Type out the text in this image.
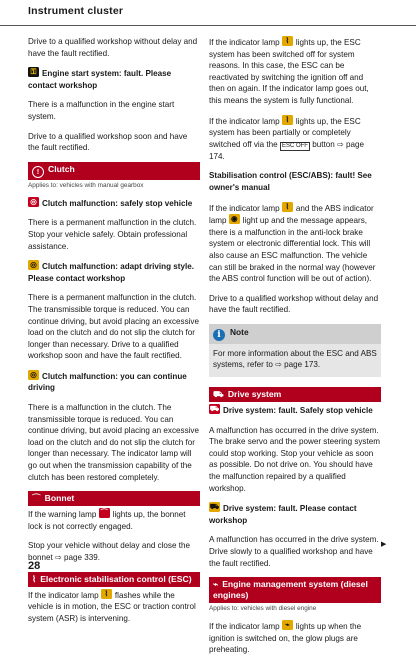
Instrument cluster

Drive to a qualified workshop without delay and have the fault rectified.

⚿ Engine start system: fault. Please contact workshop

There is a malfunction in the engine start system.

Drive to a qualified workshop soon and have the fault rectified.

! Clutch
Applies to: vehicles with manual gearbox

◎ Clutch malfunction: safely stop vehicle

There is a permanent malfunction in the clutch. Stop your vehicle safely. Obtain professional assistance.

◎ Clutch malfunction: adapt driving style. Please contact workshop

There is a permanent malfunction in the clutch. The transmissible torque is reduced. You can continue driving, but avoid placing an excessive load on the clutch and do not slip the clutch for longer than necessary. Drive to a qualified workshop soon and have the fault rectified.

◎ Clutch malfunction: you can continue driving

There is a malfunction in the clutch. The transmissible torque is reduced. You can continue driving, but avoid placing an excessive load on the clutch and do not slip the clutch for longer than necessary. The indicator lamp will go out when the transmission capability of the clutch has been restored completely.

⌒ Bonnet

If the warning lamp ⌒ lights up, the bonnet lock is not correctly engaged.

Stop your vehicle without delay and close the bonnet ⇨ page 339.

⌇ Electronic stabilisation control (ESC)

If the indicator lamp ⌇ flashes while the vehicle is in motion, the ESC or traction control system (ASR) is intervening.

If the indicator lamp ⌇ lights up, the ESC system has been switched off for system reasons. In this case, the ESC can be reactivated by switching the ignition off and then on again. If the indicator lamp goes out, this means the system is fully functional.

If the indicator lamp ⌇ lights up, the ESC system has been partially or completely switched off via the ESC OFF button ⇨ page 174.

Stabilisation control (ESC/ABS): fault! See owner's manual

If the indicator lamp ⌇ and the ABS indicator lamp ◉ light up and the message appears, there is a malfunction in the anti-lock brake system or electronic differential lock. This will also cause an ESC malfunction. The vehicle can still be braked in the normal way (however the ABS control function will be out of action).

Drive to a qualified workshop without delay and have the fault rectified.

i Note
For more information about the ESC and ABS systems, refer to ⇨ page 173.
⛟ Drive system

⛟ Drive system: fault. Safely stop vehicle

A malfunction has occurred in the drive system. The brake servo and the power steering system could stop working. Stop your vehicle as soon as possible. Do not drive on. You should have the malfunction repaired by a qualified workshop.

⛟ Drive system: fault. Please contact workshop

A malfunction has occurred in the drive system. Drive slowly to a qualified workshop and have the fault rectified.

⌁ Engine management system (diesel engines)
Applies to: vehicles with diesel engine

If the indicator lamp ⌁ lights up when the ignition is switched on, the glow plugs are preheating.

▶
28
